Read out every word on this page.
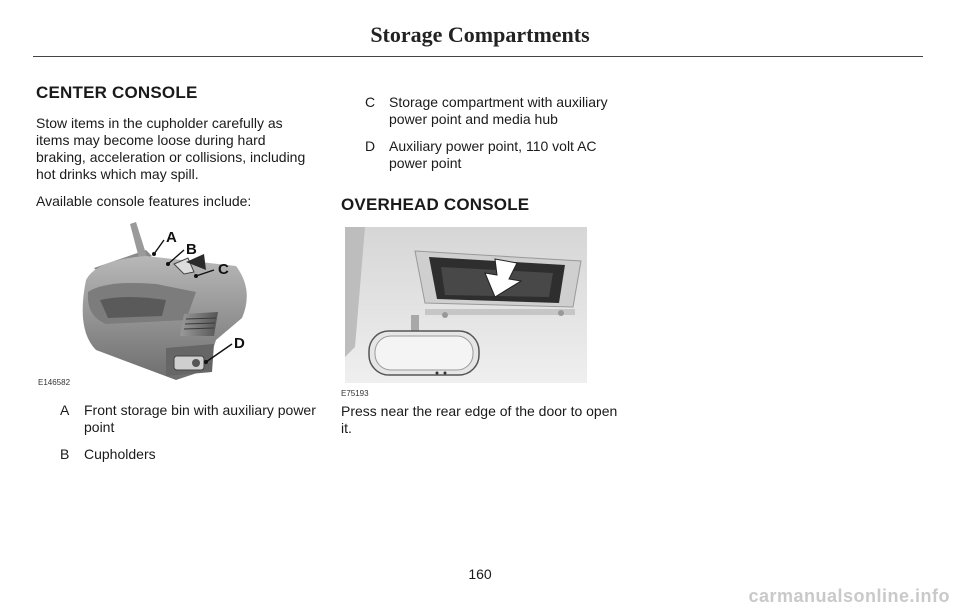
Storage Compartments
CENTER CONSOLE

Stow items in the cupholder carefully as items may become loose during hard braking, acceleration or collisions, including hot drinks which may spill.

Available console features include:

A
B
C
D
E146582
A	Front storage bin with auxiliary power point
B	Cupholders
C Storage compartment with auxiliary power point and media hub
D Auxiliary power point, 110 volt AC power point
OVERHEAD CONSOLE
E75193

Press near the rear edge of the door to open it.

160
carmanualsonline.info
